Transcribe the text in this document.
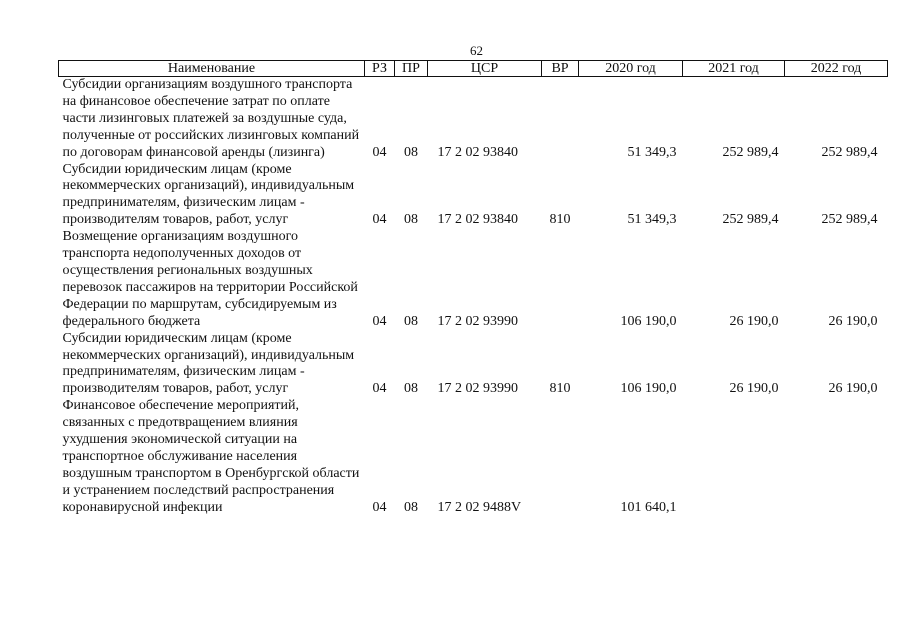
62
Наименование	РЗ	ПР	ЦСР	ВР	2020 год	2021 год	2022 год
Субсидии организациям воздушного транспорта на финансовое обеспечение затрат по оплате части лизинговых платежей за воздушные суда, полученные от российских лизинговых компаний по договорам финансовой аренды (лизинга)	04	08	17 2 02 93840		51 349,3	252 989,4	252 989,4
Субсидии юридическим лицам (кроме некоммерческих организаций), индивидуальным предпринимателям, физическим лицам - производителям товаров, работ, услуг	04	08	17 2 02 93840	810	51 349,3	252 989,4	252 989,4
Возмещение организациям воздушного транспорта недополученных доходов от осуществления региональных воздушных перевозок пассажиров на территории Российской Федерации по маршрутам, субсидируемым из федерального бюджета	04	08	17 2 02 93990		106 190,0	26 190,0	26 190,0
Субсидии юридическим лицам (кроме некоммерческих организаций), индивидуальным предпринимателям, физическим лицам - производителям товаров, работ, услуг	04	08	17 2 02 93990	810	106 190,0	26 190,0	26 190,0
Финансовое обеспечение мероприятий, связанных с предотвращением влияния ухудшения экономической ситуации на транспортное обслуживание населения воздушным транспортом в Оренбургской области и устранением последствий распространения коронавирусной инфекции	04	08	17 2 02 9488V		101 640,1		
